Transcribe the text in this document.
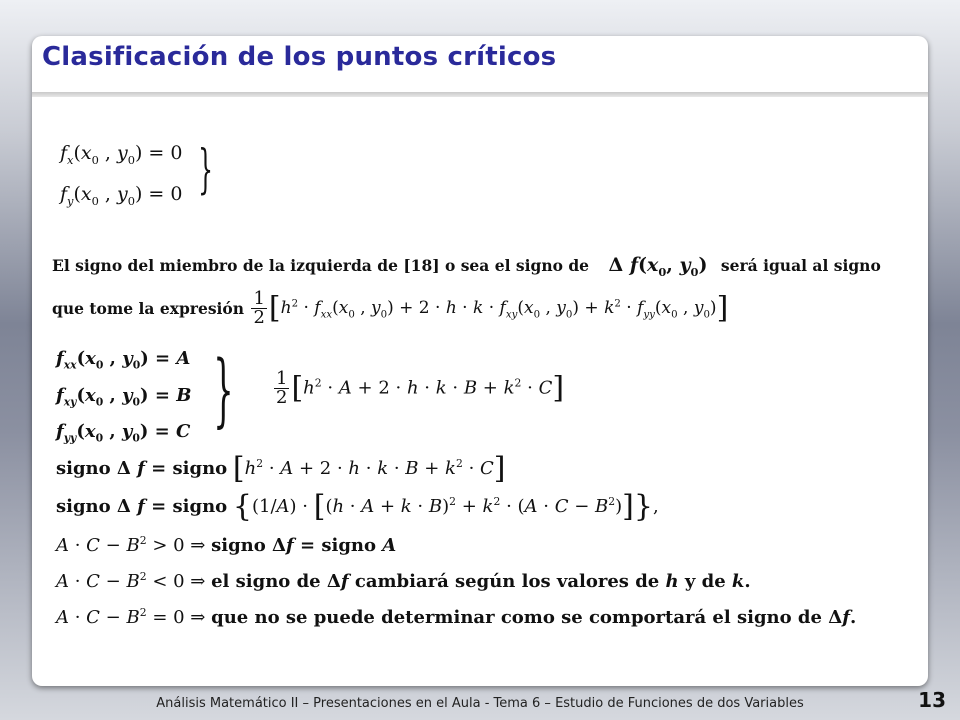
Clasificación de los puntos críticos
$f_x(x_0$ , $y_0) = 0$
$f_y(x_0$ , $y_0) = 0$ }
El signo del miembro de la izquierda de [18] o sea el signo de Δ $f(x_0$, $y_0$) será igual al signo
que tome la expresión $\frac{1}{2} [h^2 \cdot f_{xx}(x_0$ , $y_0) + 2 \cdot h \cdot k \cdot f_{xy}(x_0$ , $y_0) + k^2 \cdot f_{yy}(x_0$ , $y_0$)]
$f_{xx}(x_0$ , $y_0) = A$
$f_{xy}(x_0$ , $y_0) = B$
$f_{yy}(x_0$ , $y_0) = C$ }	$\frac{1}{2} [h^2 \cdot A + 2 \cdot h \cdot k \cdot B + k^2 \cdot C]$
signo Δ f = signo $[h^2 \cdot A + 2 \cdot h \cdot k \cdot B + k^2 \cdot C]$
signo Δ f = signo $\{(1/A) \cdot [(h \cdot A + k \cdot B)^2 + k^2 \cdot (A \cdot C - B^2)]\}$,
$A \cdot C - B^2 > 0$ ⇒ signo Δf = signo A
$A \cdot C - B^2 < 0$ ⇒ el signo de Δf cambiará según los valores de h y de k.
$A \cdot C - B^2 = 0$ ⇒ que no se puede determinar como se comportará el signo de Δf.
Análisis Matemático II – Presentaciones en el Aula - Tema 6 – Estudio de Funciones de dos Variables	13
